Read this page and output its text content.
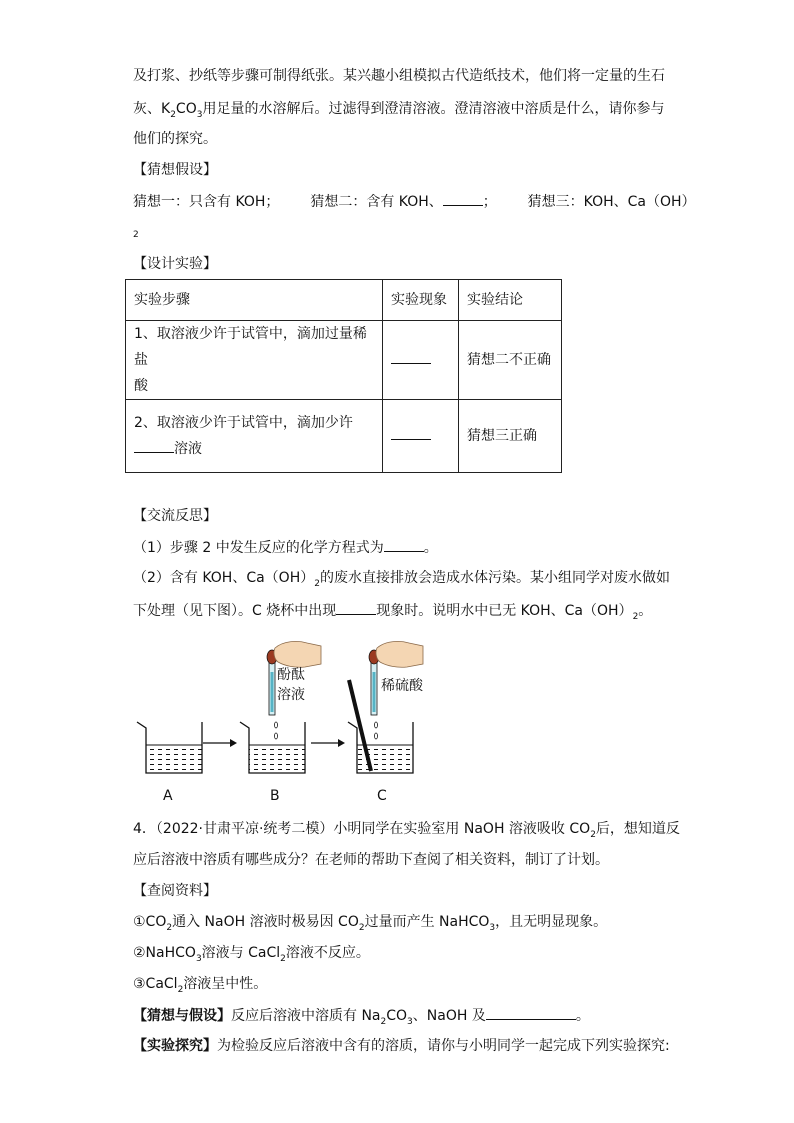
及打浆、抄纸等步骤可制得纸张。某兴趣小组模拟古代造纸技术，他们将一定量的生石
灰、$K_2CO_3$用足量的水溶解后。过滤得到澄清溶液。澄清溶液中溶质是什么，请你参与
他们的探究。
【猜想假设】
猜想一：只含有 KOH； 猜想二：含有 KOH、	； 猜想三：KOH、Ca（OH）
2
【设计实验】
实验步骤	实验现象	实验结论

1、取溶液少许于试管中，滴加过量稀盐
酸		猜想二不正确

2、取溶液少许于试管中，滴加少许
溶液		猜想三正确
【交流反思】
（1）步骤 2 中发生反应的化学方程式为	。
（2）含有 KOH、$Ca(OH)_2$的废水直接排放会造成水体污染。某小组同学对废水做如
下处理（见下图）。C 烧杯中出现	现象时。说明水中已无 KOH、$Ca(OH)_2$。
酚酞
溶液
稀硫酸
A	B	C
4．（2022·甘肃平凉·统考二模）小明同学在实验室用 NaOH 溶液吸收 $CO_2$后，想知道反
应后溶液中溶质有哪些成分？在老师的帮助下查阅了相关资料，制订了计划。
【查阅资料】
$①CO_2$通入 NaOH 溶液时极易因 $CO_2$过量而产生 NaHCO$_3$，且无明显现象。
②NaHCO$_3$溶液与 CaCl$_2$溶液不反应。
③CaCl$_2$溶液呈中性。
【猜想与假设】反应后溶液中溶质有 $Na_2CO_3$、NaOH 及	。
【实验探究】为检验反应后溶液中含有的溶质，请你与小明同学一起完成下列实验探究:
